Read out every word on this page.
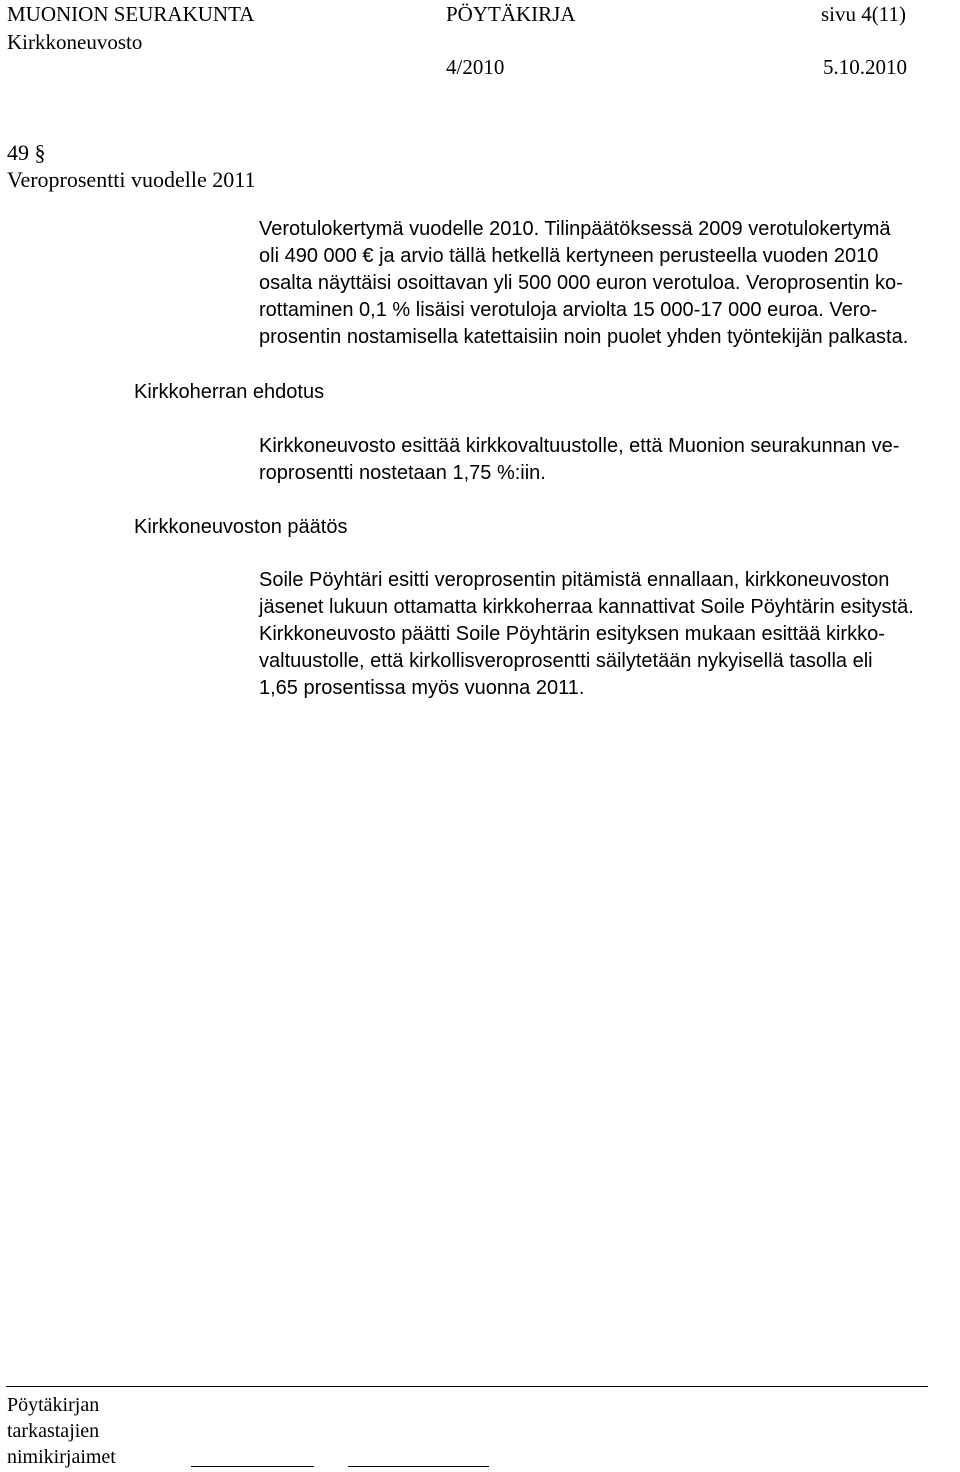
MUONION SEURAKUNTA	PÖYTÄKIRJA	sivu 4(11)
Kirkkoneuvosto
4/2010	5.10.2010
49 §
Veroprosentti vuodelle 2011
Verotulokertymä vuodelle 2010. Tilinpäätöksessä 2009 verotulokertymä
oli 490 000 € ja arvio tällä hetkellä kertyneen perusteella vuoden 2010
osalta näyttäisi osoittavan yli 500 000 euron verotuloa. Veroprosentin ko-
rottaminen 0,1 % lisäisi verotuloja arviolta 15 000-17 000 euroa. Vero-
prosentin nostamisella katettaisiin noin puolet yhden työntekijän palkasta.
Kirkkoherran ehdotus
Kirkkoneuvosto esittää kirkkovaltuustolle, että Muonion seurakunnan ve-
roprosentti nostetaan 1,75 %:iin.
Kirkkoneuvoston päätös
Soile Pöyhtäri esitti veroprosentin pitämistä ennallaan, kirkkoneuvoston
jäsenet lukuun ottamatta kirkkoherraa kannattivat Soile Pöyhtärin esitystä.
Kirkkoneuvosto päätti Soile Pöyhtärin esityksen mukaan esittää kirkko-
valtuustolle, että kirkollisveroprosentti säilytetään nykyisellä tasolla eli
1,65 prosentissa myös vuonna 2011.
Pöytäkirjan
tarkastajien
nimikirjaimet
